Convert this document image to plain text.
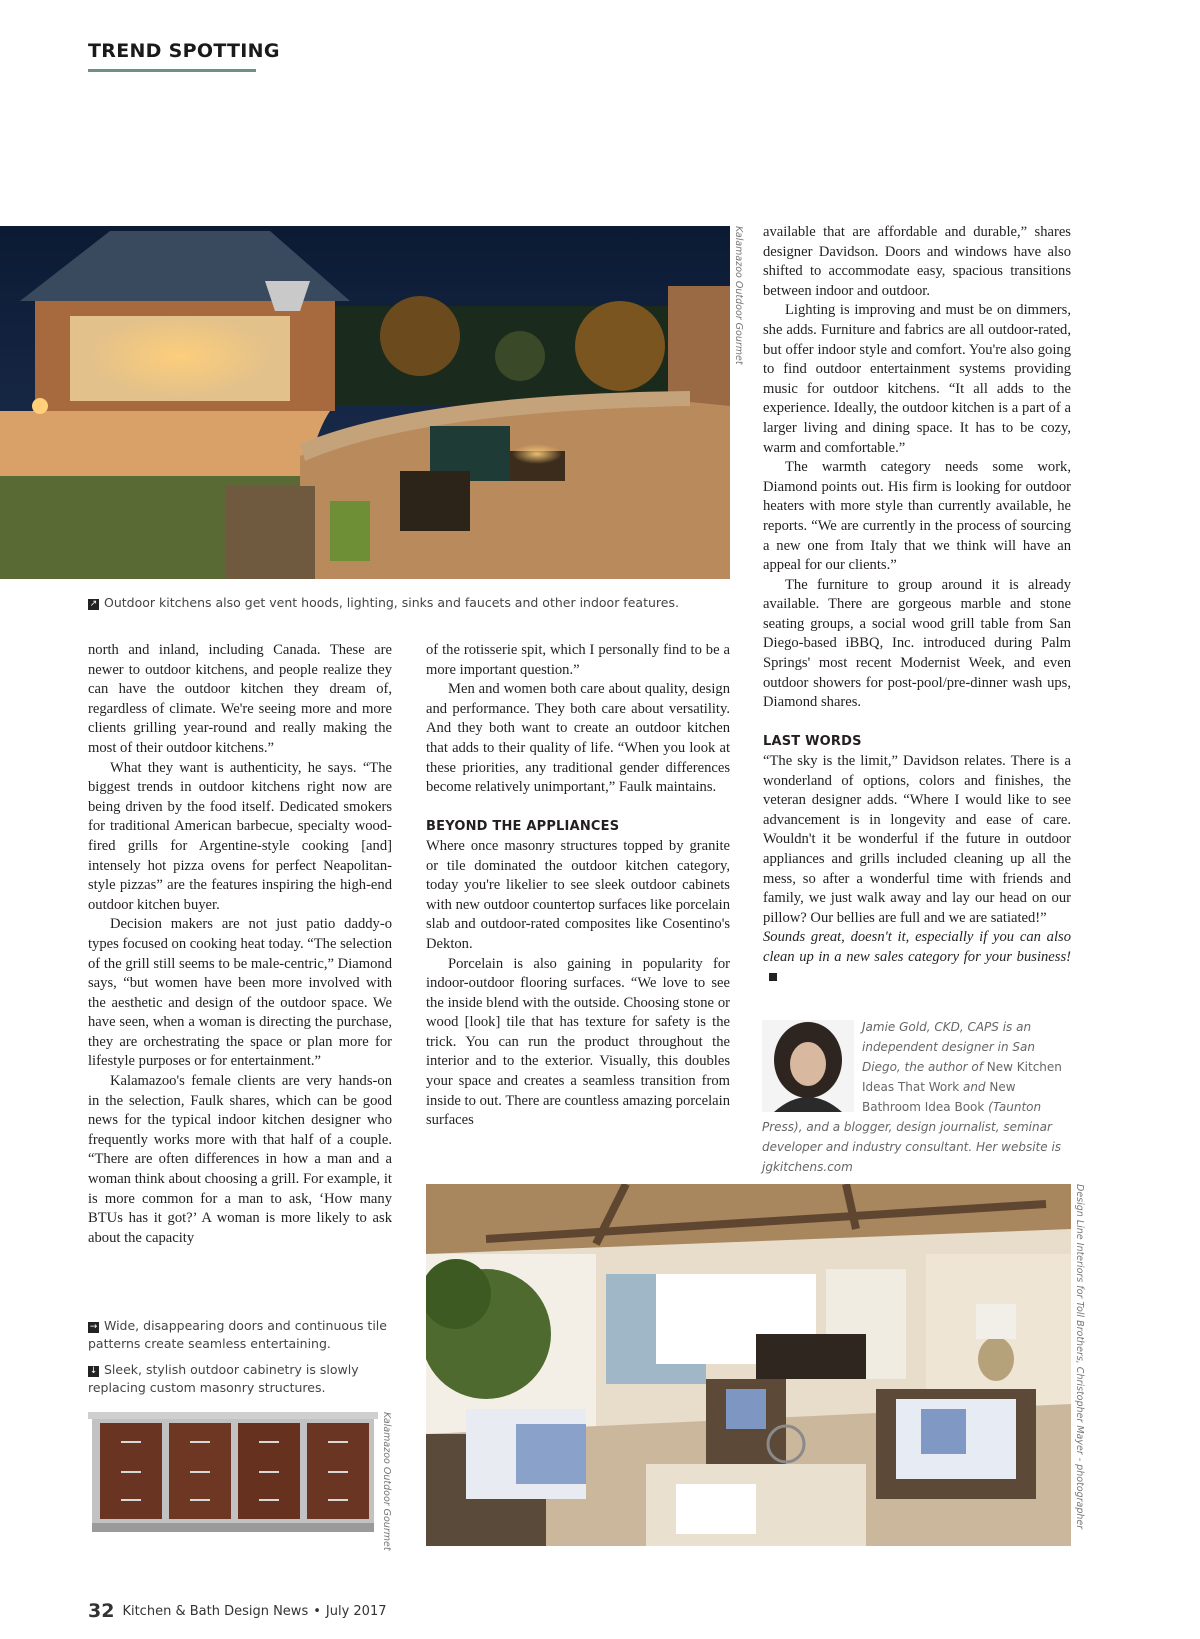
TREND SPOTTING
Kalamazoo Outdoor Gourmet
↗ Outdoor kitchens also get vent hoods, lighting, sinks and faucets and other indoor features.

north and inland, including Canada. These are newer to outdoor kitchens, and people realize they can have the outdoor kitchen they dream of, regardless of climate. We're seeing more and more clients grilling year-round and really making the most of their outdoor kitchens.”

What they want is authenticity, he says. “The biggest trends in outdoor kitchens right now are being driven by the food itself. Dedicated smokers for traditional American barbecue, specialty wood-fired grills for Argentine-style cooking [and] intensely hot pizza ovens for perfect Neapolitan-style pizzas” are the features inspiring the high-end outdoor kitchen buyer.

Decision makers are not just patio daddy-o types focused on cooking heat today. “The selection of the grill still seems to be male-centric,” Diamond says, “but women have been more involved with the aesthetic and design of the outdoor space. We have seen, when a woman is directing the purchase, they are orchestrating the space or plan more for lifestyle purposes or for entertainment.”

Kalamazoo's female clients are very hands-on in the selection, Faulk shares, which can be good news for the typical indoor kitchen designer who frequently works more with that half of a couple. “There are often differences in how a man and a woman think about choosing a grill. For example, it is more common for a man to ask, ‘How many BTUs has it got?’ A woman is more likely to ask about the capacity

of the rotisserie spit, which I personally find to be a more important question.”

Men and women both care about quality, design and performance. They both care about versatility. And they both want to create an outdoor kitchen that adds to their quality of life. “When you look at these priorities, any traditional gender differences become relatively unimportant,” Faulk maintains.

BEYOND THE APPLIANCES

Where once masonry structures topped by granite or tile dominated the outdoor kitchen category, today you're likelier to see sleek outdoor cabinets with new outdoor countertop surfaces like porcelain slab and outdoor-rated composites like Cosentino's Dekton.

Porcelain is also gaining in popularity for indoor-outdoor flooring surfaces. “We love to see the inside blend with the outside. Choosing stone or wood [look] tile that has texture for safety is the trick. You can run the product throughout the interior and to the exterior. Visually, this doubles your space and creates a seamless transition from inside to out. There are countless amazing porcelain surfaces

available that are affordable and durable,” shares designer Davidson. Doors and windows have also shifted to accommodate easy, spacious transitions between indoor and outdoor.

Lighting is improving and must be on dimmers, she adds. Furniture and fabrics are all outdoor-rated, but offer indoor style and comfort. You're also going to find outdoor entertainment systems providing music for outdoor kitchens. “It all adds to the experience. Ideally, the outdoor kitchen is a part of a larger living and dining space. It has to be cozy, warm and comfortable.”

The warmth category needs some work, Diamond points out. His firm is looking for outdoor heaters with more style than currently available, he reports. “We are currently in the process of sourcing a new one from Italy that we think will have an appeal for our clients.”

The furniture to group around it is already available. There are gorgeous marble and stone seating groups, a social wood grill table from San Diego-based iBBQ, Inc. introduced during Palm Springs' most recent Modernist Week, and even outdoor showers for post-pool/pre-dinner wash ups, Diamond shares.

LAST WORDS

“The sky is the limit,” Davidson relates. There is a wonderland of options, colors and finishes, the veteran designer adds. “Where I would like to see advancement is in longevity and ease of care. Wouldn't it be wonderful if the future in outdoor appliances and grills included cleaning up all the mess, so after a wonderful time with friends and family, we just walk away and lay our head on our pillow? Our bellies are full and we are satiated!”

Sounds great, doesn't it, especially if you can also clean up in a new sales category for your business!

Jamie Gold, CKD, CAPS is an independent designer in San Diego, the author of New Kitchen Ideas That Work and New Bathroom Idea Book (Taunton Press), and a blogger, design journalist, seminar developer and industry consultant. Her website is jgkitchens.com
→ Wide, disappearing doors and continuous tile patterns create seamless entertaining.
↓ Sleek, stylish outdoor cabinetry is slowly replacing custom masonry structures.
Kalamazoo Outdoor Gourmet	Design Line Interiors for Toll Brothers, Christopher Mayer - photographer
32 Kitchen & Bath Design News • July 2017
